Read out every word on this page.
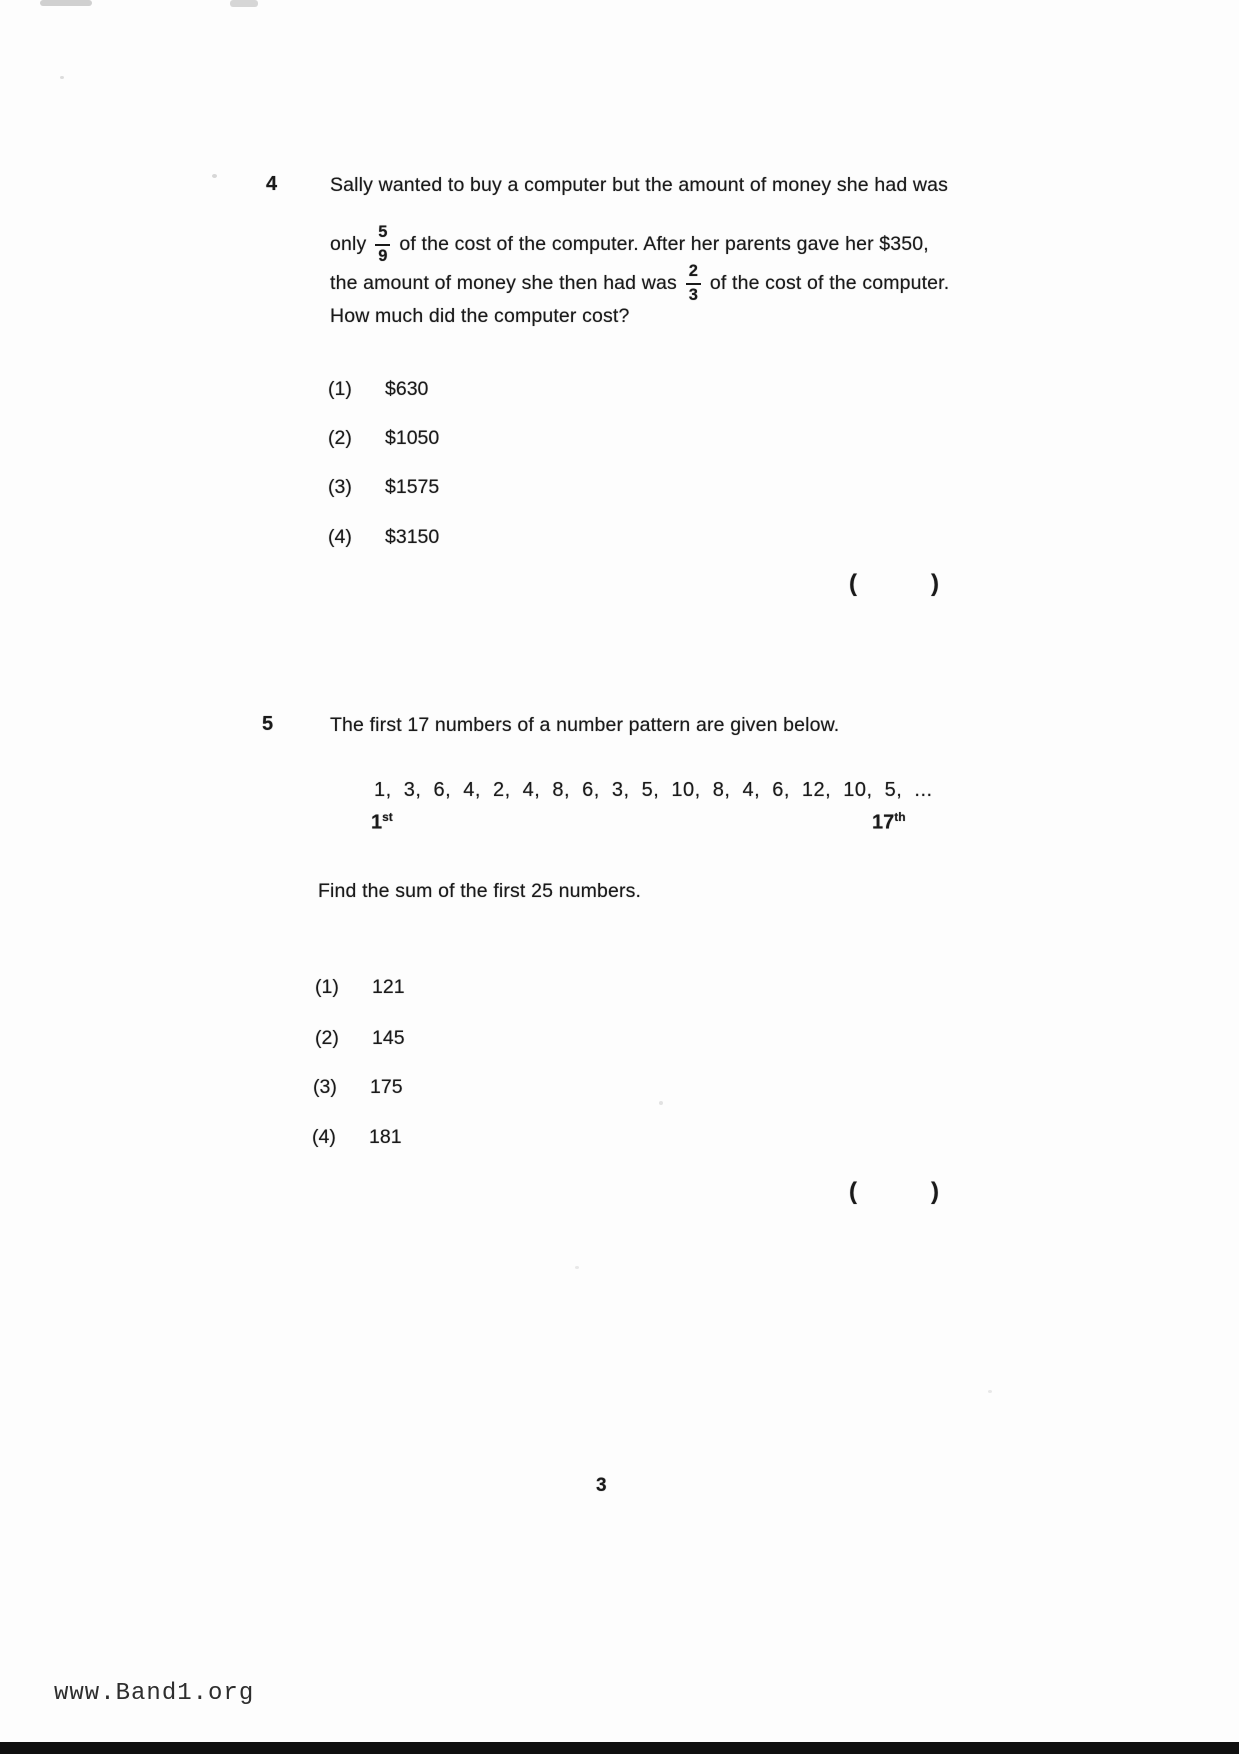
4	Sally wanted to buy a computer but the amount of money she had was
only $\frac{5}{9}$ of the cost of the computer. After her parents gave her $350,
the amount of money she then had was $\frac{2}{3}$ of the cost of the computer.
How much did the computer cost?
(1)	$630
(2)	$1050
(3)	$1575
(4)	$3150
(	)
5	The first 17 numbers of a number pattern are given below.
1, 3, 6, 4, 2, 4, 8, 6, 3, 5, 10, 8, 4, 6, 12, 10, 5, ...
1st	17th
Find the sum of the first 25 numbers.
(1)	121
(2)	145
(3)	175
(4)	181
(	)
3
www.Band1.org
